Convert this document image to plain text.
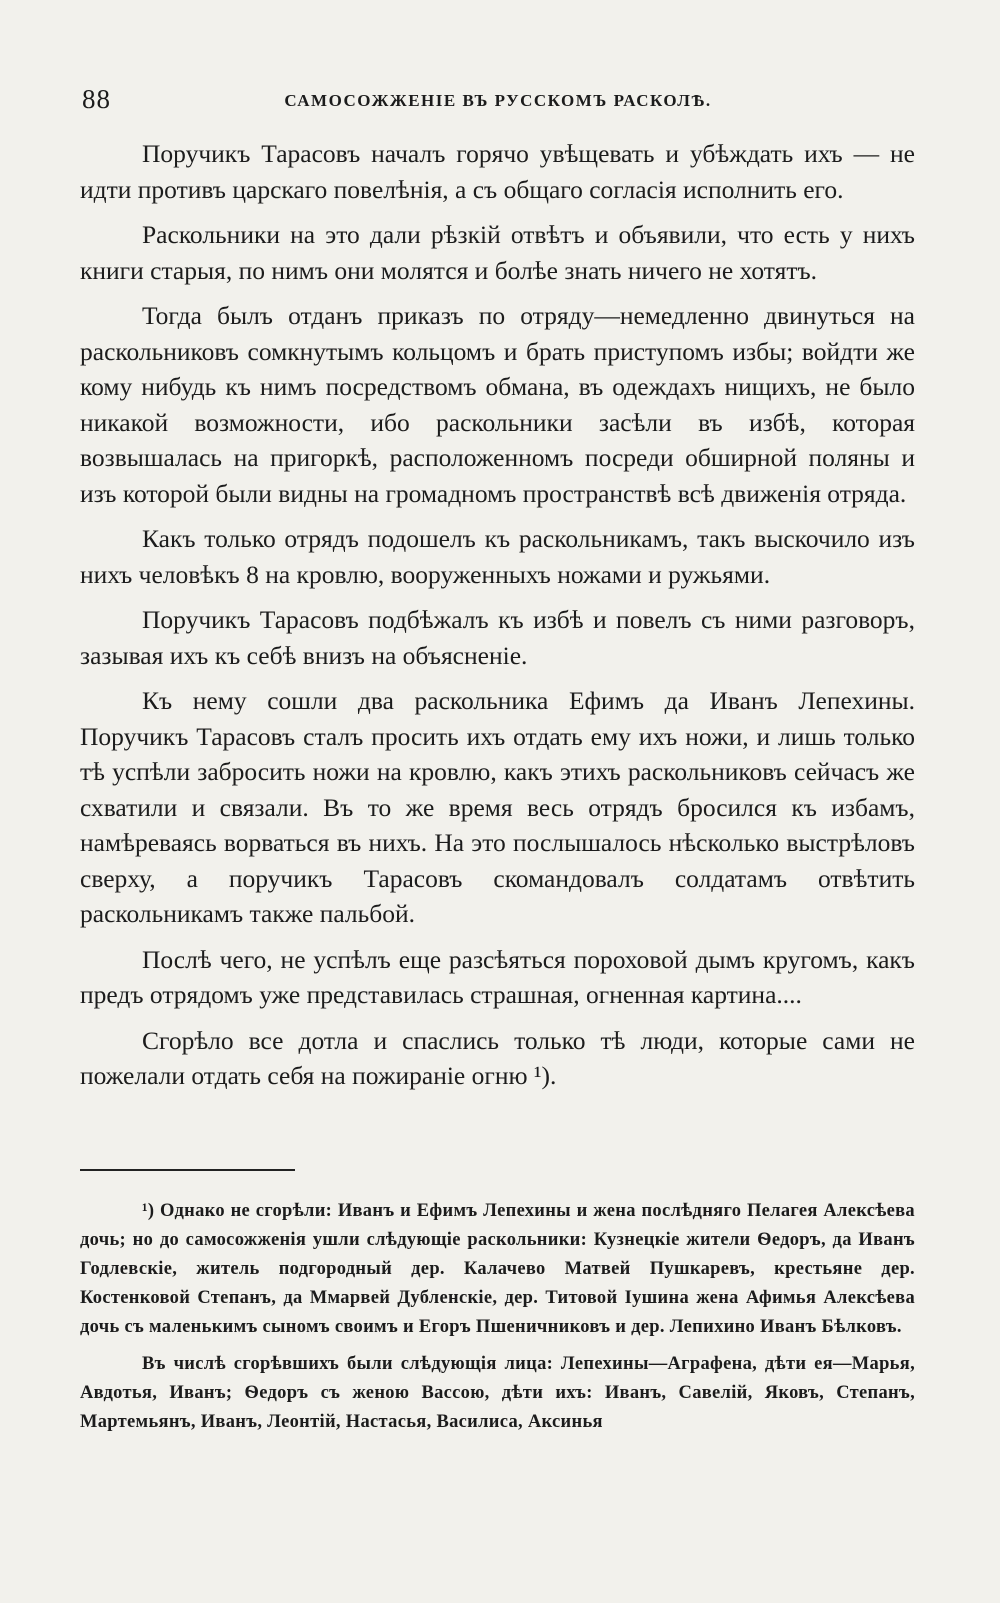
88	САМОСОЖЖЕНІЕ ВЪ РУССКОМЪ РАСКОЛѢ.

Поручикъ Тарасовъ началъ горячо увѣщевать и убѣждать ихъ — не идти противъ царскаго повелѣнія, а съ общаго согласія исполнить его.

Раскольники на это дали рѣзкій отвѣтъ и объявили, что есть у нихъ книги старыя, по нимъ они молятся и болѣе знать ничего не хотятъ.

Тогда былъ отданъ приказъ по отряду—немедленно двинуться на раскольниковъ сомкнутымъ кольцомъ и брать приступомъ избы; войдти же кому нибудь къ нимъ посредствомъ обмана, въ одеждахъ нищихъ, не было никакой возможности, ибо раскольники засѣли въ избѣ, которая возвышалась на пригоркѣ, расположенномъ посреди обширной поляны и изъ которой были видны на громадномъ пространствѣ всѣ движенія отряда.

Какъ только отрядъ подошелъ къ раскольникамъ, такъ выскочило изъ нихъ человѣкъ 8 на кровлю, вооруженныхъ ножами и ружьями.

Поручикъ Тарасовъ подбѣжалъ къ избѣ и повелъ съ ними разговоръ, зазывая ихъ къ себѣ внизъ на объясненіе.

Къ нему сошли два раскольника Ефимъ да Иванъ Лепехины. Поручикъ Тарасовъ сталъ просить ихъ отдать ему ихъ ножи, и лишь только тѣ успѣли забросить ножи на кровлю, какъ этихъ раскольниковъ сейчасъ же схватили и связали. Въ то же время весь отрядъ бросился къ избамъ, намѣреваясь ворваться въ нихъ. На это послышалось нѣсколько выстрѣловъ сверху, а поручикъ Тарасовъ скомандовалъ солдатамъ отвѣтить раскольникамъ также пальбой.

Послѣ чего, не успѣлъ еще разсѣяться пороховой дымъ кругомъ, какъ предъ отрядомъ уже представилась страшная, огненная картина....

Сгорѣло все дотла и спаслись только тѣ люди, которые сами не пожелали отдать себя на пожираніе огню ¹).

¹) Однако не сгорѣли: Иванъ и Ефимъ Лепехины и жена послѣдняго Пелагея Алексѣева дочь; но до самосожженія ушли слѣдующіе раскольники: Кузнецкіе жители Ѳедоръ, да Иванъ Годлевскіе, житель подгородный дер. Калачево Матвей Пушкаревъ, крестьяне дер. Костенковой Степанъ, да Ммарвей Дубленскіе, дер. Титовой Іушина жена Афимья Алексѣева дочь съ маленькимъ сыномъ своимъ и Егоръ Пшеничниковъ и дер. Лепихино Иванъ Бѣлковъ.

Въ числѣ сгорѣвшихъ были слѣдующія лица: Лепехины—Аграфена, дѣти ея—Марья, Авдотья, Иванъ; Ѳедоръ съ женою Вассою, дѣти ихъ: Иванъ, Савелій, Яковъ, Степанъ, Мартемьянъ, Иванъ, Леонтій, Настасья, Василиса, Аксинья
